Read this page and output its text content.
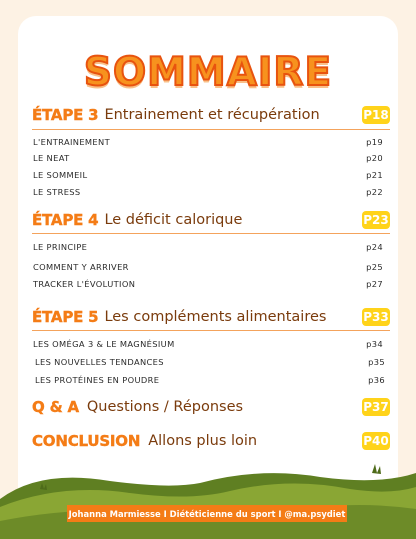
SOMMAIRE
ÉTAPE 3 Entrainement et récupération	P18
L'ENTRAINEMENT	p19
LE NEAT	p20
LE SOMMEIL	p21
LE STRESS	p22
ÉTAPE 4 Le déficit calorique	P23
LE PRINCIPE	p24
COMMENT Y ARRIVER	p25
TRACKER L'ÉVOLUTION	p27
ÉTAPE 5 Les compléments alimentaires	P33
LES OMÉGA 3 & LE MAGNÉSIUM	p34
LES NOUVELLES TENDANCES	p35
LES PROTÉINES EN POUDRE	p36
Q & A Questions / Réponses	P37
CONCLUSION Allons plus loin	P40
Johanna Marmiesse I Diététicienne du sport I @ma.psydiet
